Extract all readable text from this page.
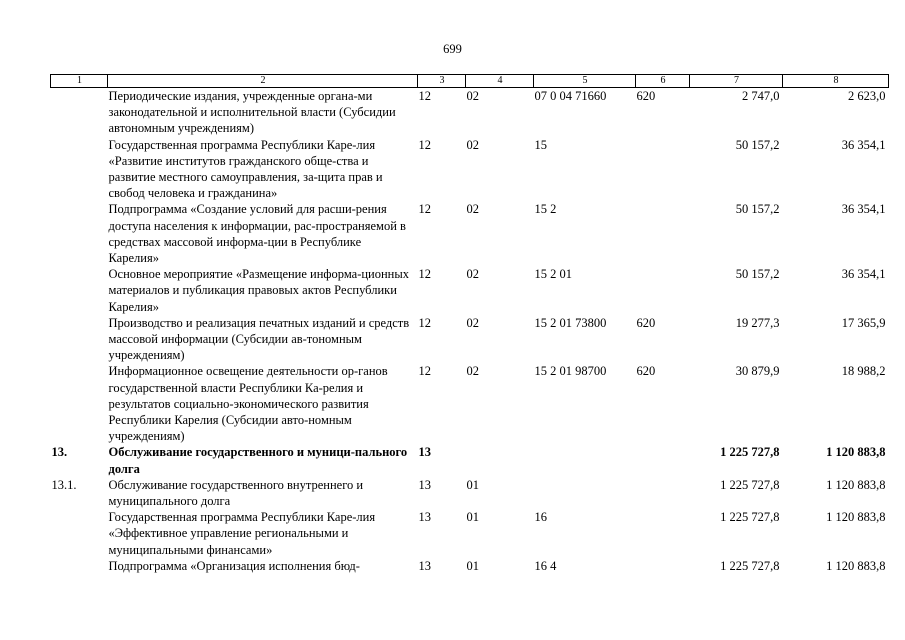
699
1	2	3	4	5	6	7	8
	Периодические издания, учрежденные органа-ми законодательной и исполнительной власти (Субсидии автономным учреждениям)	12	02	07 0 04 71660	620	2 747,0	2 623,0
	Государственная программа Республики Каре-лия «Развитие институтов гражданского обще-ства и развитие местного самоуправления, за-щита прав и свобод человека и гражданина»	12	02	15		50 157,2	36 354,1
	Подпрограмма «Создание условий для расши-рения доступа населения к информации, рас-пространяемой в средствах массовой информа-ции в Республике Карелия»	12	02	15 2		50 157,2	36 354,1
	Основное мероприятие «Размещение информа-ционных материалов и публикация правовых актов Республики Карелия»	12	02	15 2 01		50 157,2	36 354,1
	Производство и реализация печатных изданий и средств массовой информации (Субсидии ав-тономным учреждениям)	12	02	15 2 01 73800	620	19 277,3	17 365,9
	Информационное освещение деятельности ор-ганов государственной власти Республики Ка-релия и результатов социально-экономического развития Республики Карелия (Субсидии авто-номным учреждениям)	12	02	15 2 01 98700	620	30 879,9	18 988,2
13.	Обслуживание государственного и муници-пального долга	13				1 225 727,8	1 120 883,8
13.1.	Обслуживание государственного внутреннего и муниципального долга	13	01			1 225 727,8	1 120 883,8
	Государственная программа Республики Каре-лия «Эффективное управление региональными и муниципальными финансами»	13	01	16		1 225 727,8	1 120 883,8
	Подпрограмма «Организация исполнения бюд-	13	01	16 4		1 225 727,8	1 120 883,8
